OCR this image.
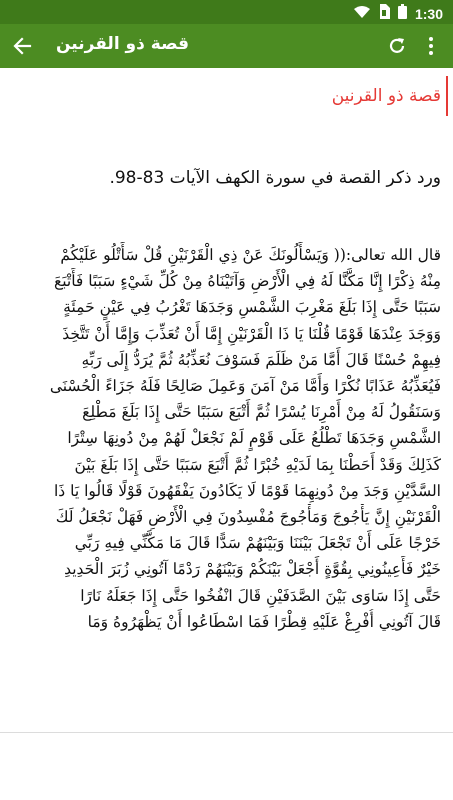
1:30
قصة ذو القرنين
قصة ذو القرنين
ورد ذكر القصة في سورة الكهف الآيات 83-98.
قال الله تعالى:(( وَيَسْأَلُونَكَ عَنْ ذِي الْقَرْنَيْنِ قُلْ سَأَتْلُو عَلَيْكُمْ
مِنْهُ ذِكْرًا إِنَّا مَكَّنَّا لَهُ فِي الْأَرْضِ وَآتَيْنَاهُ مِنْ كُلِّ شَيْءٍ سَبَبًا فَأَتْبَعَ
سَبَبًا حَتَّى إِذَا بَلَغَ مَغْرِبَ الشَّمْسِ وَجَدَهَا تَغْرُبُ فِي عَيْنٍ حَمِئَةٍ
وَوَجَدَ عِنْدَهَا قَوْمًا قُلْنَا يَا ذَا الْقَرْنَيْنِ إِمَّا أَنْ تُعَذِّبَ وَإِمَّا أَنْ تَتَّخِذَ
فِيهِمْ حُسْنًا قَالَ أَمَّا مَنْ ظَلَمَ فَسَوْفَ نُعَذِّبُهُ ثُمَّ يُرَدُّ إِلَى رَبِّهِ
فَيُعَذِّبُهُ عَذَابًا نُكْرًا وَأَمَّا مَنْ آمَنَ وَعَمِلَ صَالِحًا فَلَهُ جَزَاءً الْحُسْنَى
وَسَنَقُولُ لَهُ مِنْ أَمْرِنَا يُسْرًا ثُمَّ أَتْبَعَ سَبَبًا حَتَّى إِذَا بَلَغَ مَطْلِعَ
الشَّمْسِ وَجَدَهَا تَطْلُعُ عَلَى قَوْمٍ لَمْ نَجْعَلْ لَهُمْ مِنْ دُونِهَا سِتْرًا
كَذَلِكَ وَقَدْ أَحَطْنَا بِمَا لَدَيْهِ خُبْرًا ثُمَّ أَتْبَعَ سَبَبًا حَتَّى إِذَا بَلَغَ بَيْنَ
السَّدَّيْنِ وَجَدَ مِنْ دُونِهِمَا قَوْمًا لَا يَكَادُونَ يَفْقَهُونَ قَوْلًا قَالُوا يَا ذَا
الْقَرْنَيْنِ إِنَّ يَأْجُوجَ وَمَأْجُوجَ مُفْسِدُونَ فِي الْأَرْضِ فَهَلْ نَجْعَلُ لَكَ
خَرْجًا عَلَى أَنْ تَجْعَلَ بَيْنَنَا وَبَيْنَهُمْ سَدًّا قَالَ مَا مَكَّنِّي فِيهِ رَبِّي
خَيْرٌ فَأَعِينُونِي بِقُوَّةٍ أَجْعَلْ بَيْنَكُمْ وَبَيْنَهُمْ رَدْمًا آتُونِي زُبَرَ الْحَدِيدِ
حَتَّى إِذَا سَاوَى بَيْنَ الصَّدَفَيْنِ قَالَ انْفُخُوا حَتَّى إِذَا جَعَلَهُ نَارًا
قَالَ آتُونِي أُفْرِغْ عَلَيْهِ قِطْرًا فَمَا اسْطَاعُوا أَنْ يَظْهَرُوهُ وَمَا
